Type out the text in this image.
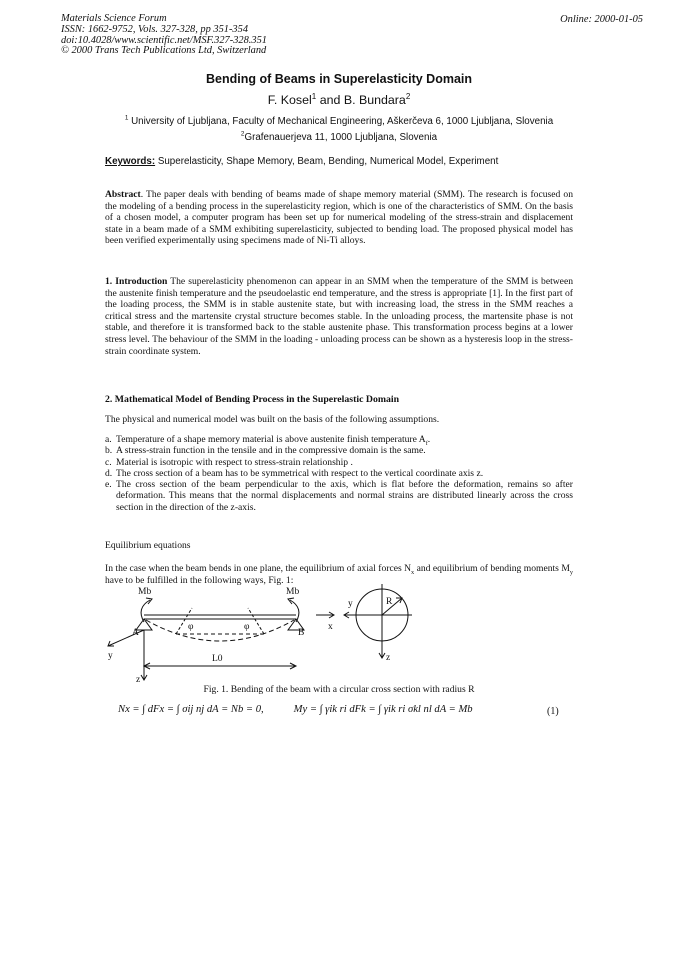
Materials Science Forum
ISSN: 1662-9752, Vols. 327-328, pp 351-354
doi:10.4028/www.scientific.net/MSF.327-328.351
© 2000 Trans Tech Publications Ltd, Switzerland
Online: 2000-01-05
Bending of Beams in Superelasticity Domain
F. Kosel$^1$ and B. Bundara$^2$
$^1$ University of Ljubljana, Faculty of Mechanical Engineering, Aškerčeva 6, 1000 Ljubljana, Slovenia
$^2$Grafenauerjeva 11, 1000 Ljubljana, Slovenia
Keywords: Superelasticity, Shape Memory, Beam, Bending, Numerical Model, Experiment
Abstract. The paper deals with bending of beams made of shape memory material (SMM). The research is focused on the modeling of a bending process in the superelasticity region, which is one of the characteristics of SMM. On the basis of a chosen model, a computer program has been set up for numerical modeling of the stress-strain and displacement state in a beam made of a SMM exhibiting superelasticity, subjected to bending load. The proposed physical model has been verified experimentally using specimens made of Ni-Ti alloys.
1. Introduction The superelasticity phenomenon can appear in an SMM when the temperature of the SMM is between the austenite finish temperature and the pseudoelastic end temperature, and the stress is appropriate [1]. In the first part of the loading process, the SMM is in stable austenite state, but with increasing load, the stress in the SMM reaches a critical stress and the martensite crystal structure becomes stable. In the unloading process, the martensite phase is not stable, and therefore it is transformed back to the stable austenite phase. This transformation process begins at a lower stress level. The behaviour of the SMM in the loading - unloading process can be shown as a hysteresis loop in the stress-strain coordinate system.
2. Mathematical Model of Bending Process in the Superelastic Domain
The physical and numerical model was built on the basis of the following assumptions.
a. Temperature of a shape memory material is above austenite finish temperature $A_f$.
b. A stress-strain function in the tensile and in the compressive domain is the same.
c. Material is isotropic with respect to stress-strain relationship .
d. The cross section of a beam has to be symmetrical with respect to the vertical coordinate axis z.
e. The cross section of the beam perpendicular to the axis, which is flat before the deformation, remains so after deformation. This means that the normal displacements and normal strains are distributed linearly across the cross section in the direction of the z-axis.
Equilibrium equations
In the case when the beam bends in one plane, the equilibrium of axial forces $N_x$ and equilibrium of bending moments $M_y$ have to be fulfilled in the following ways, Fig. 1:
Mb	Mb
φ	φ
A	B
x
y
y
L0
z
z
R
Fig. 1. Bending of the beam with a circular cross section with radius R
Nx = ∫ dFx = ∫ σij nj dA = Nb = 0,	My = ∫ γik ri dFk = ∫ γik ri σkl nl dA = Mb	(1)
